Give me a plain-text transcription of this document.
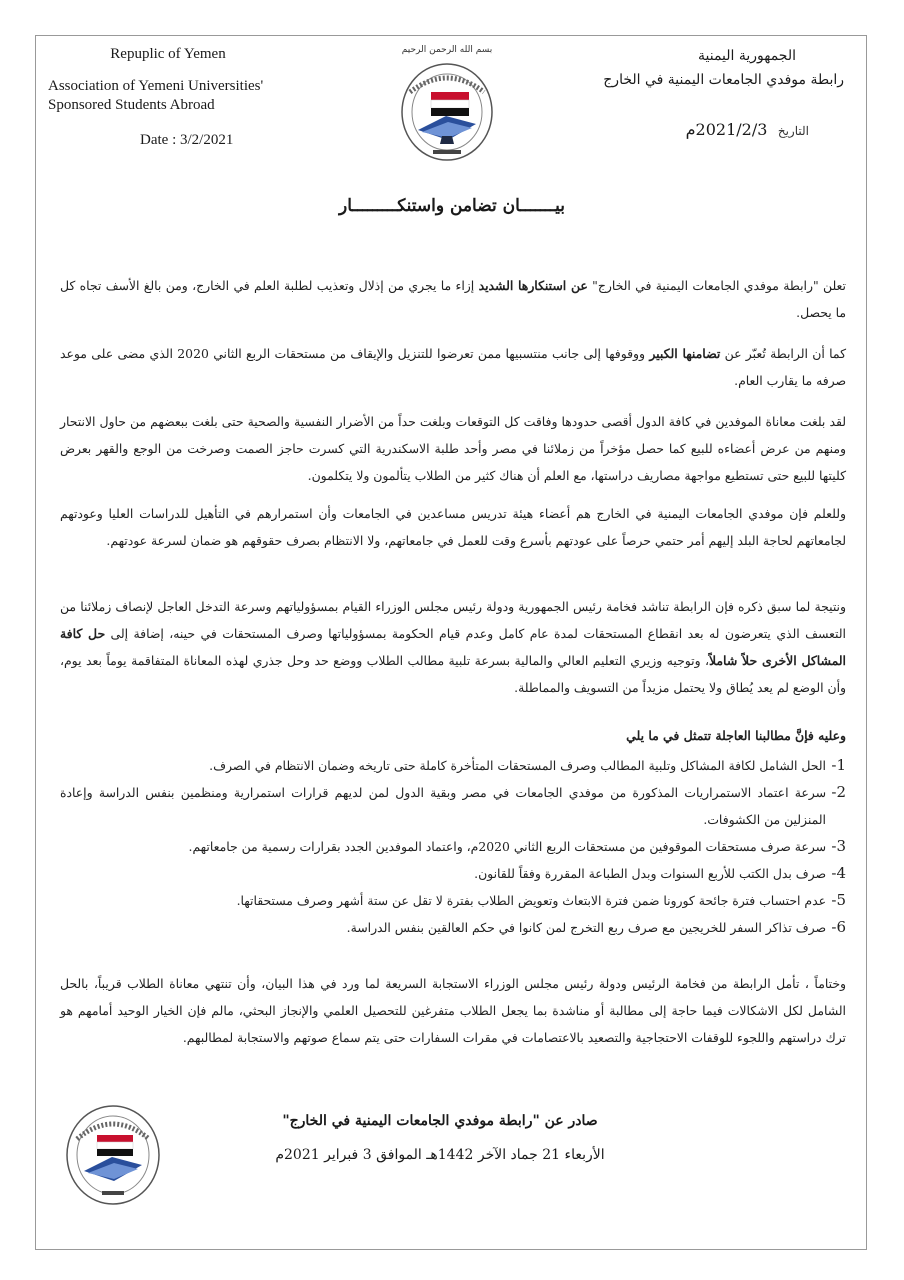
Repuplic of Yemen
Association of Yemeni Universities'
Sponsored Students Abroad
Date : 3/2/2021
بسم الله الرحمن الرحيم	الجمهورية اليمنية
رابطة موفدي الجامعات اليمنية في الخارج
التاريخ 2021/2/3م
بيـــــــان تضامن واستنكـــــــــار

تعلن "رابطة موفدي الجامعات اليمنية في الخارج" عن استنكارها الشديد إزاء ما يجري من إذلال وتعذيب لطلبة العلم في الخارج، ومن بالغ الأسف تجاه كل ما يحصل.

كما أن الرابطة تُعبّر عن تضامنها الكبير ووقوفها إلى جانب منتسبيها ممن تعرضوا للتنزيل والإيقاف من مستحقات الربع الثاني 2020 الذي مضى على موعد صرفه ما يقارب العام.

لقد بلغت معاناة الموفدين في كافة الدول أقصى حدودها وفاقت كل التوقعات وبلغت حداً من الأضرار النفسية والصحية حتى بلغت ببعضهم من حاول الانتحار ومنهم من عرض أعضاءه للبيع كما حصل مؤخراً من زملائنا في مصر وأحد طلبة الاسكندرية التي كسرت حاجز الصمت وصرخت من الوجع والقهر بعرض كليتها للبيع حتى تستطيع مواجهة مصاريف دراستها، مع العلم أن هناك كثير من الطلاب يتألمون ولا يتكلمون.

وللعلم فإن موفدي الجامعات اليمنية في الخارج هم أعضاء هيئة تدريس مساعدين في الجامعات وأن استمرارهم في التأهيل للدراسات العليا وعودتهم لجامعاتهم لحاجة البلد إليهم أمر حتمي حرصاً على عودتهم بأسرع وقت للعمل في جامعاتهم، ولا الانتظام بصرف حقوقهم هو ضمان لسرعة عودتهم.

ونتيجة لما سبق ذكره فإن الرابطة تناشد فخامة رئيس الجمهورية ودولة رئيس مجلس الوزراء القيام بمسؤولياتهم وسرعة التدخل العاجل لإنصاف زملائنا من التعسف الذي يتعرضون له بعد انقطاع المستحقات لمدة عام كامل وعدم قيام الحكومة بمسؤولياتها وصرف المستحقات في حينه، إضافة إلى حل كافة المشاكل الأخرى حلاً شاملاً، وتوجيه وزيري التعليم العالي والمالية بسرعة تلبية مطالب الطلاب ووضع حد وحل جذري لهذه المعاناة المتفاقمة يوماً بعد يوم، وأن الوضع لم يعد يُطاق ولا يحتمل مزيداً من التسويف والمماطلة.

وعليه فإنَّ مطالبنا العاجلة تتمثل في ما يلي

1-
الحل الشامل لكافة المشاكل وتلبية المطالب وصرف المستحقات المتأخرة كاملة حتى تاريخه وضمان الانتظام في الصرف.
2-
سرعة اعتماد الاستمراريات المذكورة من موفدي الجامعات في مصر وبقية الدول لمن لديهم قرارات استمرارية ومنظمين بنفس الدراسة وإعادة المنزلين من الكشوفات.
3-
سرعة صرف مستحقات الموقوفين من مستحقات الربع الثاني 2020م، واعتماد الموفدين الجدد بقرارات رسمية من جامعاتهم.
4-
صرف بدل الكتب للأربع السنوات وبدل الطباعة المقررة وفقاً للقانون.
5-
عدم احتساب فترة جائحة كورونا ضمن فترة الابتعاث وتعويض الطلاب بفترة لا تقل عن ستة أشهر وصرف مستحقاتها.
6-
صرف تذاكر السفر للخريجين مع صرف ربع التخرج لمن كانوا في حكم العالقين بنفس الدراسة.

وختاماً ، تأمل الرابطة من فخامة الرئيس ودولة رئيس مجلس الوزراء الاستجابة السريعة لما ورد في هذا البيان، وأن تنتهي معاناة الطلاب قريباً، بالحل الشامل لكل الاشكالات فيما حاجة إلى مطالبة أو مناشدة بما يجعل الطلاب متفرغين للتحصيل العلمي والإنجاز البحثي، مالم فإن الخيار الوحيد أمامهم هو ترك دراستهم واللجوء للوقفات الاحتجاجية والتصعيد بالاعتصامات في مقرات السفارات حتى يتم سماع صوتهم والاستجابة لمطالبهم.

صادر عن "رابطة موفدي الجامعات اليمنية في الخارج"
الأربعاء 21 جماد الآخر 1442هـ الموافق 3 فبراير 2021م
